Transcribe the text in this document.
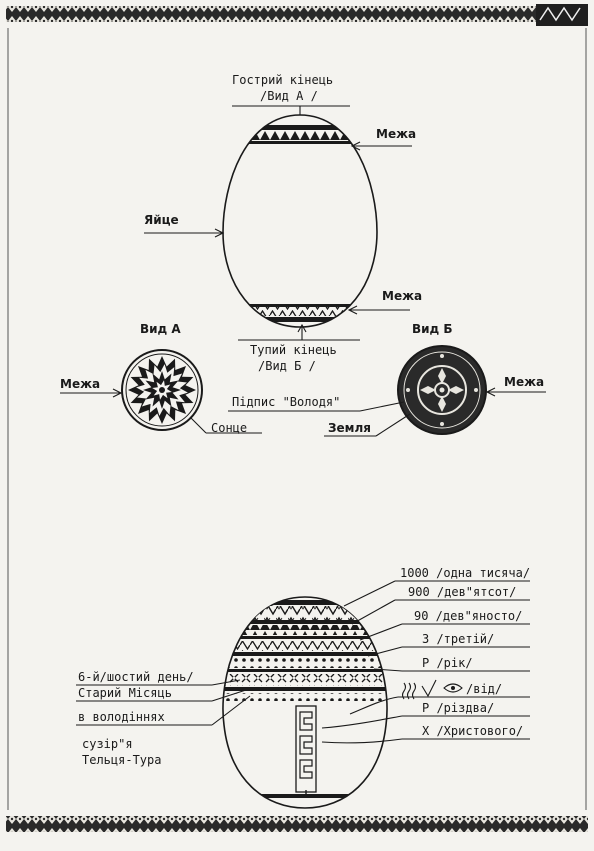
Гострий кінець
/Вид А /
Межа
Яйце
Межа
Тупий кінець
/Вид Б /
Вид А	Вид Б
Межа
Сонце
Межа
Підпис "Володя"
Земля
6-й/шостий день/
Старий Місяць
в володіннях
сузір"я
Тельця-Тура
1000 /одна тисяча/
900 /дев"ятсот/
90 /дев"яносто/
3 /третій/
Р /рік/
/від/
Р /різдва/
Х /Христового/
